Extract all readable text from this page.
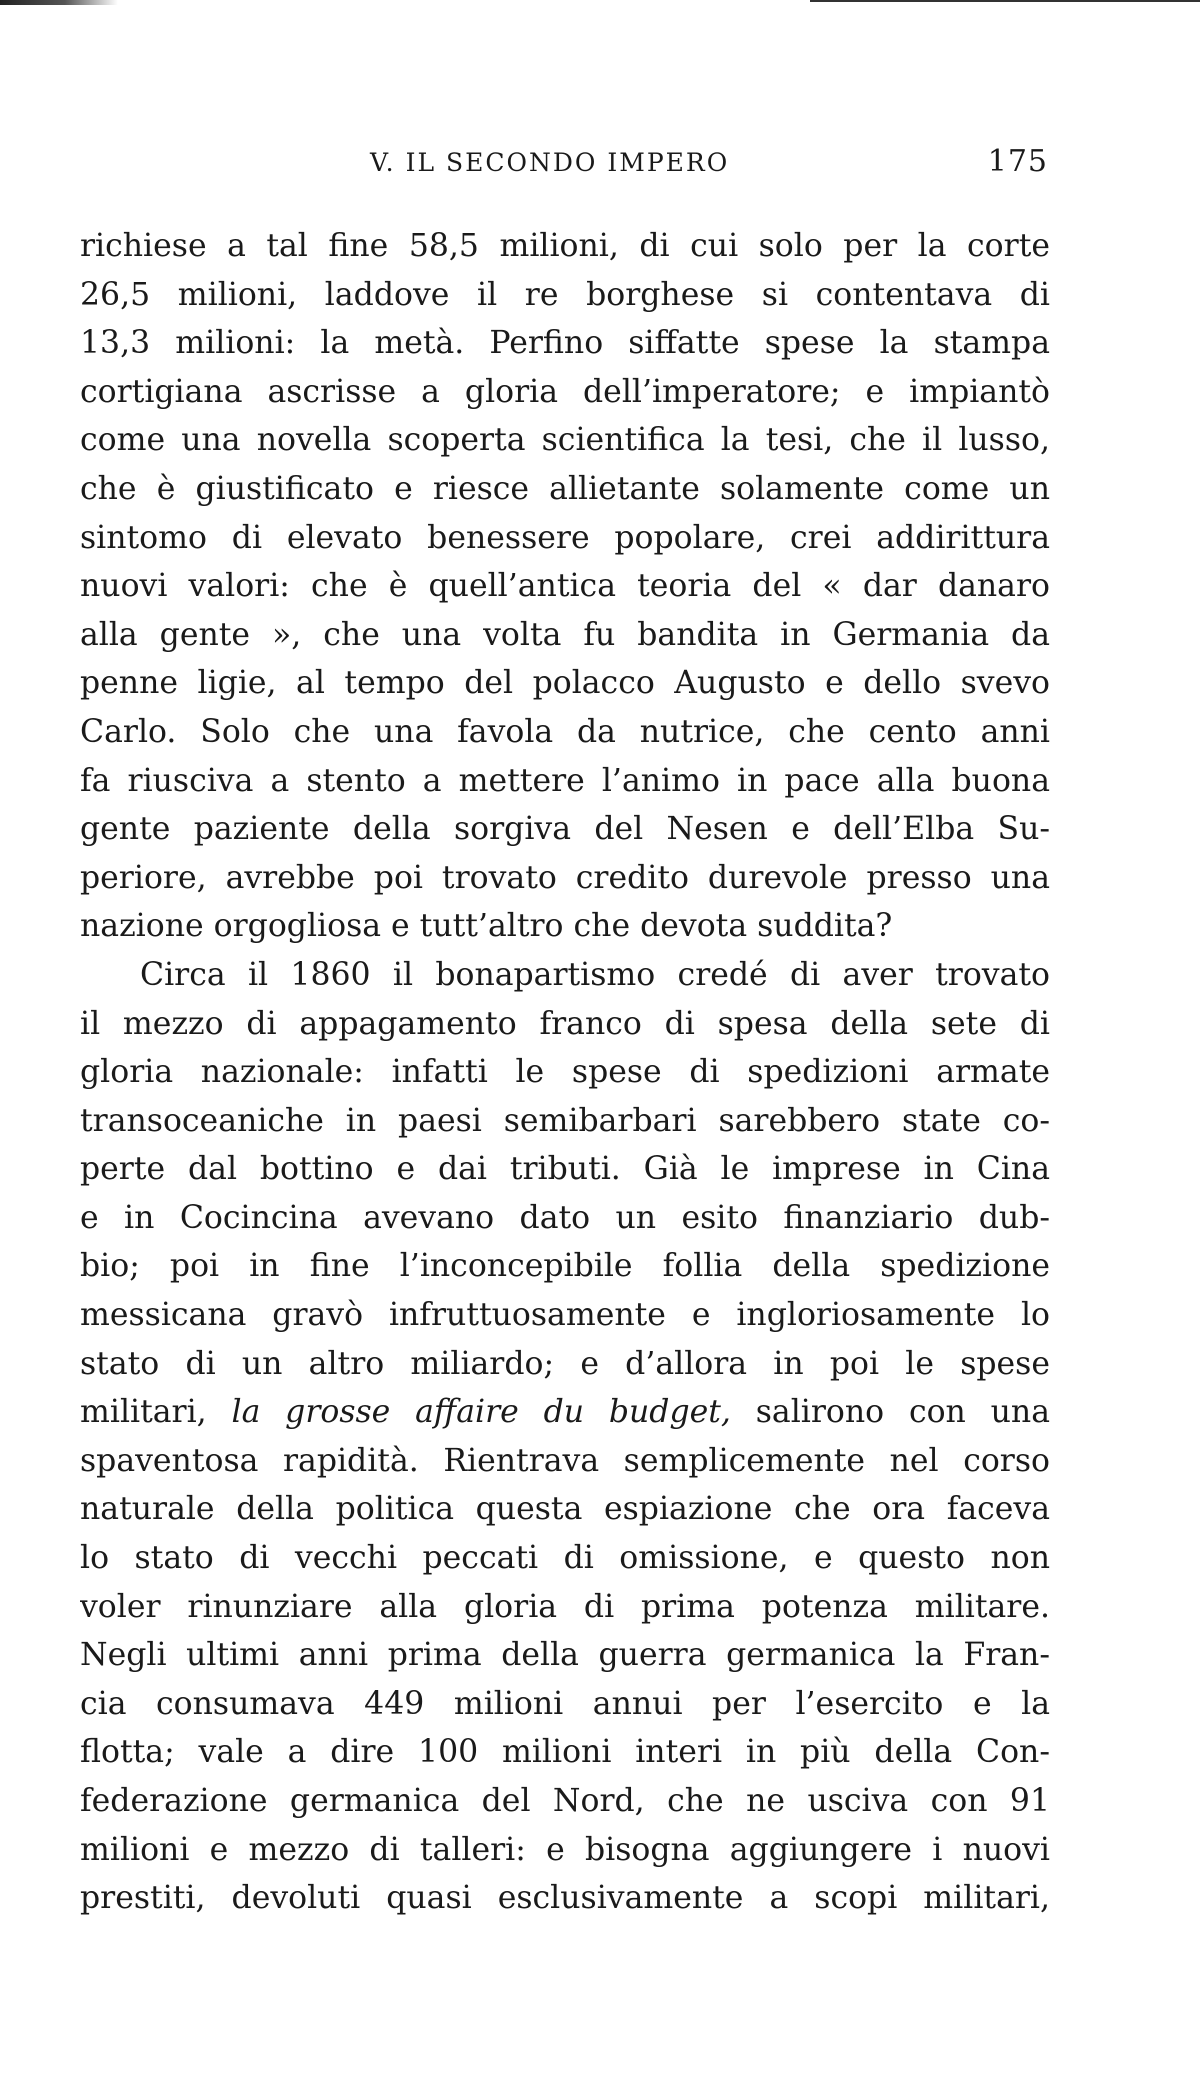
V. IL SECONDO IMPERO	175
richiese a tal fine 58,5 milioni, di cui solo per la corte
26,5 milioni, laddove il re borghese si contentava di
13,3 milioni: la metà. Perfino siffatte spese la stampa
cortigiana ascrisse a gloria dell’imperatore; e impiantò
come una novella scoperta scientifica la tesi, che il lusso,
che è giustificato e riesce allietante solamente come un
sintomo di elevato benessere popolare, crei addirittura
nuovi valori: che è quell’antica teoria del « dar danaro
alla gente », che una volta fu bandita in Germania da
penne ligie, al tempo del polacco Augusto e dello svevo
Carlo. Solo che una favola da nutrice, che cento anni
fa riusciva a stento a mettere l’animo in pace alla buona
gente paziente della sorgiva del Nesen e dell’Elba Su-
periore, avrebbe poi trovato credito durevole presso una
nazione orgogliosa e tutt’altro che devota suddita?
Circa il 1860 il bonapartismo credé di aver trovato
il mezzo di appagamento franco di spesa della sete di
gloria nazionale: infatti le spese di spedizioni armate
transoceaniche in paesi semibarbari sarebbero state co-
perte dal bottino e dai tributi. Già le imprese in Cina
e in Cocincina avevano dato un esito finanziario dub-
bio; poi in fine l’inconcepibile follia della spedizione
messicana gravò infruttuosamente e ingloriosamente lo
stato di un altro miliardo; e d’allora in poi le spese
militari, la grosse affaire du budget, salirono con una
spaventosa rapidità. Rientrava semplicemente nel corso
naturale della politica questa espiazione che ora faceva
lo stato di vecchi peccati di omissione, e questo non
voler rinunziare alla gloria di prima potenza militare.
Negli ultimi anni prima della guerra germanica la Fran-
cia consumava 449 milioni annui per l’esercito e la
flotta; vale a dire 100 milioni interi in più della Con-
federazione germanica del Nord, che ne usciva con 91
milioni e mezzo di talleri: e bisogna aggiungere i nuovi
prestiti, devoluti quasi esclusivamente a scopi militari,
